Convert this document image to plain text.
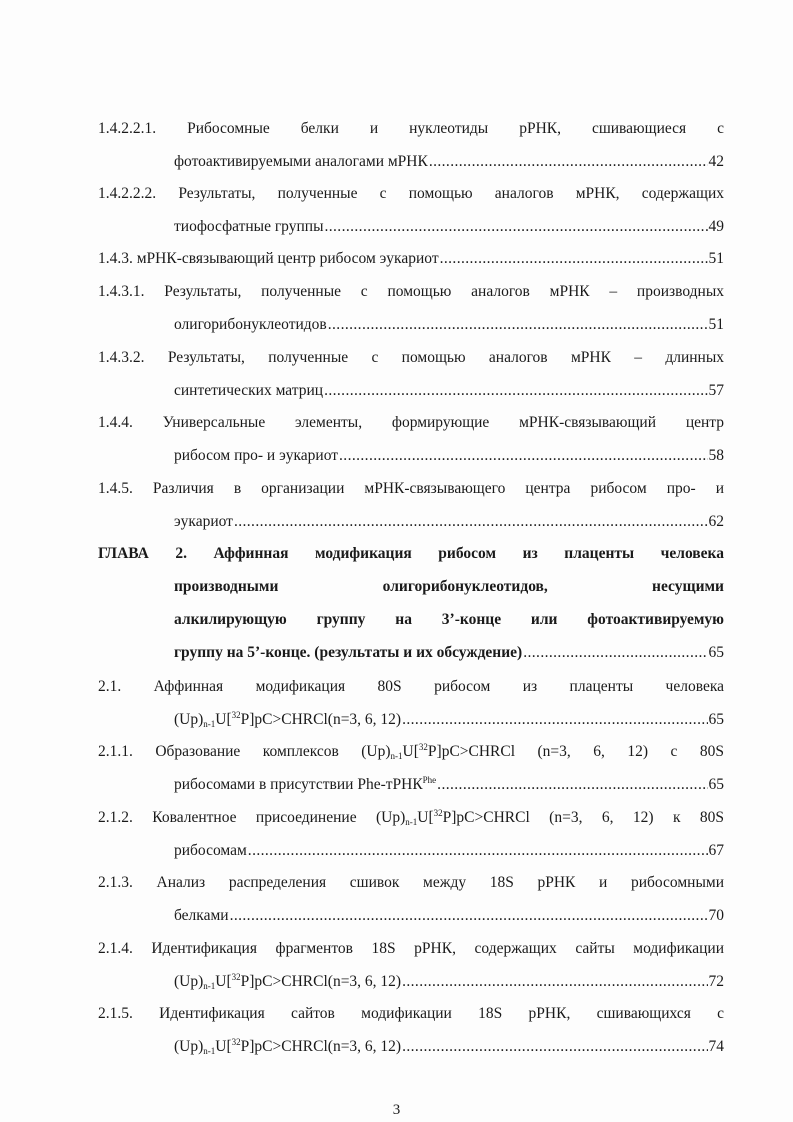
1.4.2.2.1. Рибосомные белки и нуклеотиды рРНК, сшивающиеся с
фотоактивируемыми аналогами мРНК .....	42
1.4.2.2.2. Результаты, полученные с помощью аналогов мРНК, содержащих
тиофосфатные группы .....	49
1.4.3. мРНК-связывающий центр рибосом эукариот .....	51
1.4.3.1. Результаты, полученные с помощью аналогов мРНК – производных
олигорибонуклеотидов .....	51
1.4.3.2. Результаты, полученные с помощью аналогов мРНК – длинных
синтетических матриц .....	57
1.4.4. Универсальные элементы, формирующие мРНК-связывающий центр
рибосом про- и эукариот .....	58
1.4.5. Различия в организации мРНК-связывающего центра рибосом про- и
эукариот .....	62
ГЛАВА 2. Аффинная модификация рибосом из плаценты человека
производными олигорибонуклеотидов, несущими
алкилирующую группу на 3’-конце или фотоактивируемую
группу на 5’-конце. (результаты и их обсуждение) .....	65
2.1. Аффинная модификация 80S рибосом из плаценты человека
$(Up)_{n-1}U[^{32}P]pC>CHRCl$ (n=3, 6, 12) .....	65
2.1.1. Образование комплексов $(Up)_{n-1}U[^{32}P]pC>CHRCl$ (n=3, 6, 12) с 80S
рибосомами в присутствии Phe-тРНК$^{Phe}$ .....	65
2.1.2. Ковалентное присоединение $(Up)_{n-1}U[^{32}P]pC>CHRCl$ (n=3, 6, 12) к 80S
рибосомам .....	67
2.1.3. Анализ распределения сшивок между 18S рРНК и рибосомными
белками .....	70
2.1.4. Идентификация фрагментов 18S рРНК, содержащих сайты модификации
$(Up)_{n-1}U[^{32}P]pC>CHRCl$ (n=3, 6, 12) .....	72
2.1.5. Идентификация сайтов модификации 18S рРНК, сшивающихся с
$(Up)_{n-1}U[^{32}P]pC>CHRCl$ (n=3, 6, 12) .....	74
3
